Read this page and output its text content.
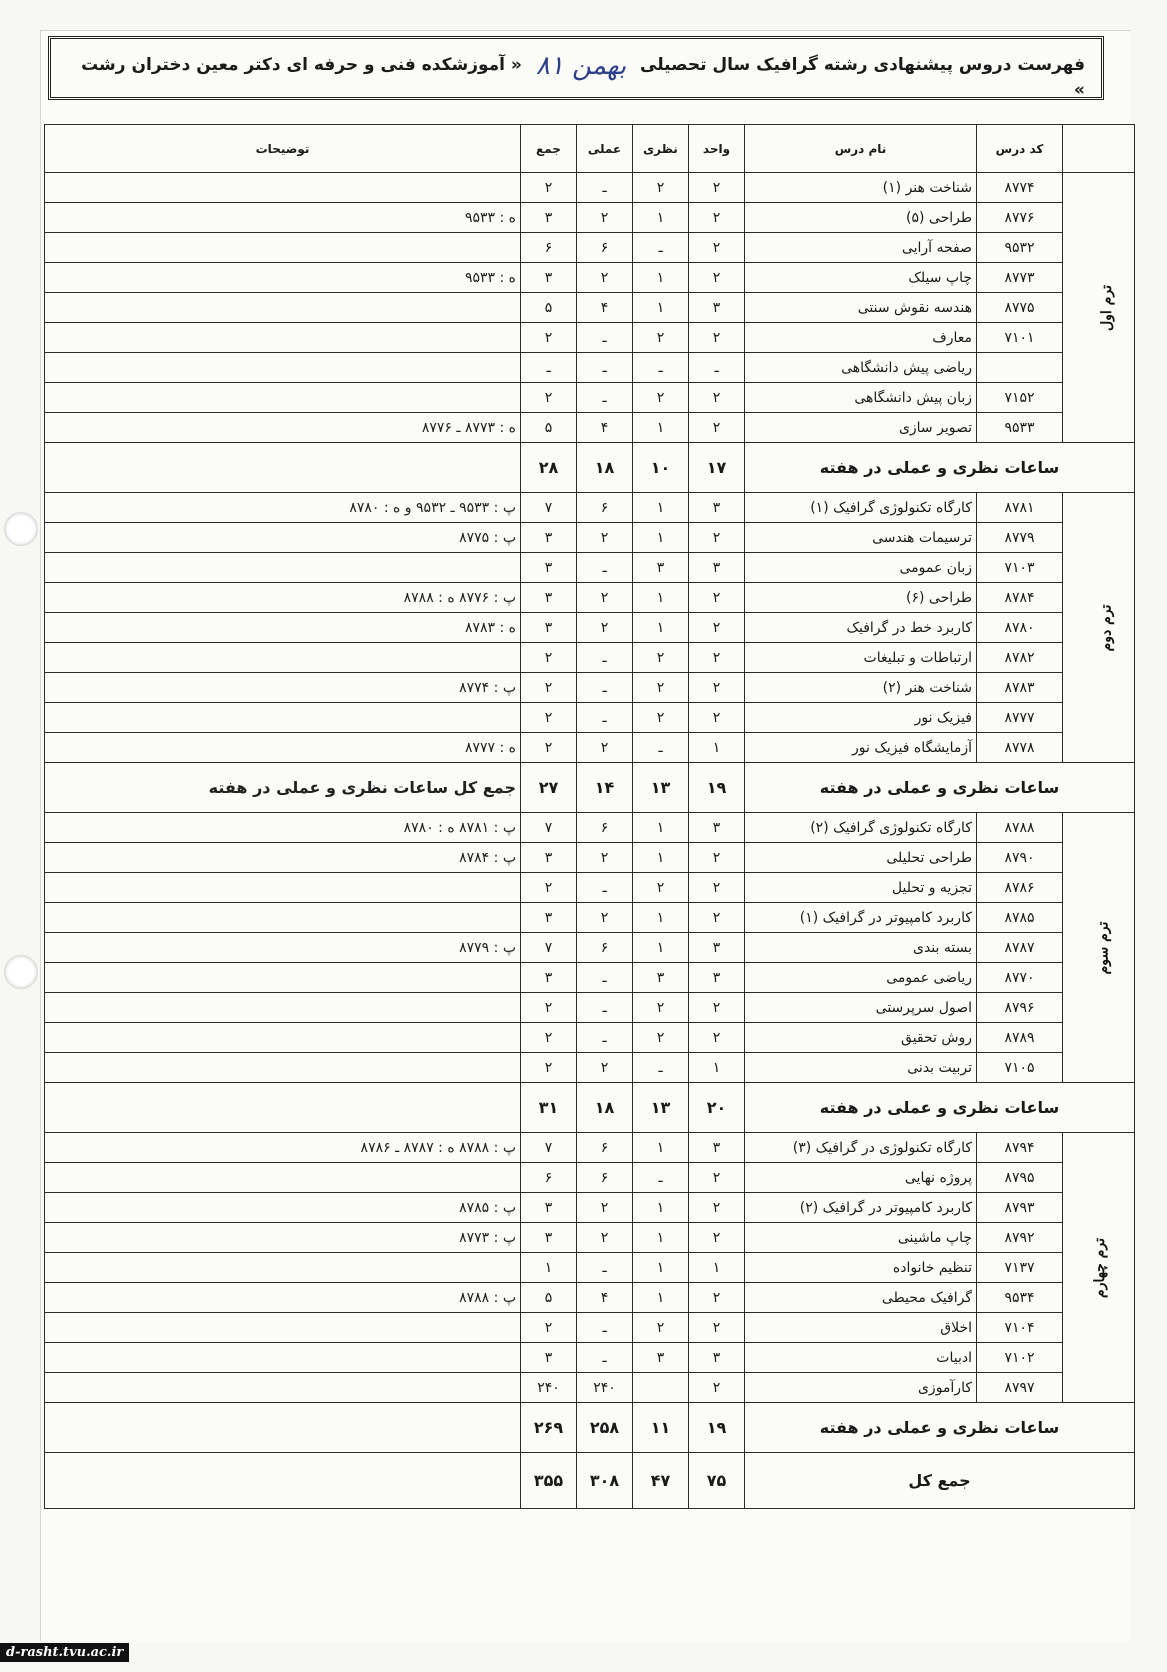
فهرست دروس پیشنهادی رشته گرافیک سال تحصیلی بهمن ۸۱ « آموزشکده فنی و حرفه ای دکتر معین دختران رشت »
	کد درس	نام درس	واحد	نظری	عملی	جمع	توضیحات
ترم اول	۸۷۷۴	شناخت هنر (۱)	۲	۲	ـ	۲	
	۸۷۷۶	طراحی (۵)	۲	۱	۲	۳	ه : ۹۵۳۳
	۹۵۳۲	صفحه آرایی	۲	ـ	۶	۶	
	۸۷۷۳	چاپ سیلک	۲	۱	۲	۳	ه : ۹۵۳۳
	۸۷۷۵	هندسه نقوش سنتی	۳	۱	۴	۵	
	۷۱۰۱	معارف	۲	۲	ـ	۲	
		ریاضی پیش دانشگاهی	ـ	ـ	ـ	ـ	
	۷۱۵۲	زبان پیش دانشگاهی	۲	۲	ـ	۲	
	۹۵۳۳	تصویر سازی	۲	۱	۴	۵	ه : ۸۷۷۳ ـ ۸۷۷۶
ساعات نظری و عملی در هفته			۱۷	۱۰	۱۸	۲۸	
ترم دوم	۸۷۸۱	کارگاه تکنولوژی گرافیک (۱)	۳	۱	۶	۷	پ : ۹۵۳۳ ـ ۹۵۳۲ و ه : ۸۷۸۰
	۸۷۷۹	ترسیمات هندسی	۲	۱	۲	۳	پ : ۸۷۷۵
	۷۱۰۳	زبان عمومی	۳	۳	ـ	۳	
	۸۷۸۴	طراحی (۶)	۲	۱	۲	۳	پ : ۸۷۷۶ ه : ۸۷۸۸
	۸۷۸۰	کاربرد خط در گرافیک	۲	۱	۲	۳	ه : ۸۷۸۳
	۸۷۸۲	ارتباطات و تبلیغات	۲	۲	ـ	۲	
	۸۷۸۳	شناخت هنر (۲)	۲	۲	ـ	۲	پ : ۸۷۷۴
	۸۷۷۷	فیزیک نور	۲	۲	ـ	۲	
	۸۷۷۸	آزمایشگاه فیزیک نور	۱	ـ	۲	۲	ه : ۸۷۷۷
ساعات نظری و عملی در هفته			۱۹	۱۳	۱۴	۲۷	جمع کل ساعات نظری و عملی در هفته
ترم سوم	۸۷۸۸	کارگاه تکنولوژی گرافیک (۲)	۳	۱	۶	۷	پ : ۸۷۸۱ ه : ۸۷۸۰
	۸۷۹۰	طراحی تحلیلی	۲	۱	۲	۳	پ : ۸۷۸۴
	۸۷۸۶	تجزیه و تحلیل	۲	۲	ـ	۲	
	۸۷۸۵	کاربرد کامپیوتر در گرافیک (۱)	۲	۱	۲	۳	
	۸۷۸۷	بسته بندی	۳	۱	۶	۷	پ : ۸۷۷۹
	۸۷۷۰	ریاضی عمومی	۳	۳	ـ	۳	
	۸۷۹۶	اصول سرپرستی	۲	۲	ـ	۲	
	۸۷۸۹	روش تحقیق	۲	۲	ـ	۲	
	۷۱۰۵	تربیت بدنی	۱	ـ	۲	۲	
ساعات نظری و عملی در هفته			۲۰	۱۳	۱۸	۳۱	
ترم چهارم	۸۷۹۴	کارگاه تکنولوژی در گرافیک (۳)	۳	۱	۶	۷	پ : ۸۷۸۸ ه : ۸۷۸۷ ـ ۸۷۸۶
	۸۷۹۵	پروژه نهایی	۲	ـ	۶	۶	
	۸۷۹۳	کاربرد کامپیوتر در گرافیک (۲)	۲	۱	۲	۳	پ : ۸۷۸۵
	۸۷۹۲	چاپ ماشینی	۲	۱	۲	۳	پ : ۸۷۷۳
	۷۱۳۷	تنظیم خانواده	۱	۱	ـ	۱	
	۹۵۳۴	گرافیک محیطی	۲	۱	۴	۵	پ : ۸۷۸۸
	۷۱۰۴	اخلاق	۲	۲	ـ	۲	
	۷۱۰۲	ادبیات	۳	۳	ـ	۳	
	۸۷۹۷	کارآموزی	۲		۲۴۰	۲۴۰	
ساعات نظری و عملی در هفته			۱۹	۱۱	۲۵۸	۲۶۹	
جمع کل			۷۵	۴۷	۳۰۸	۳۵۵	
d-rasht.tvu.ac.ir
